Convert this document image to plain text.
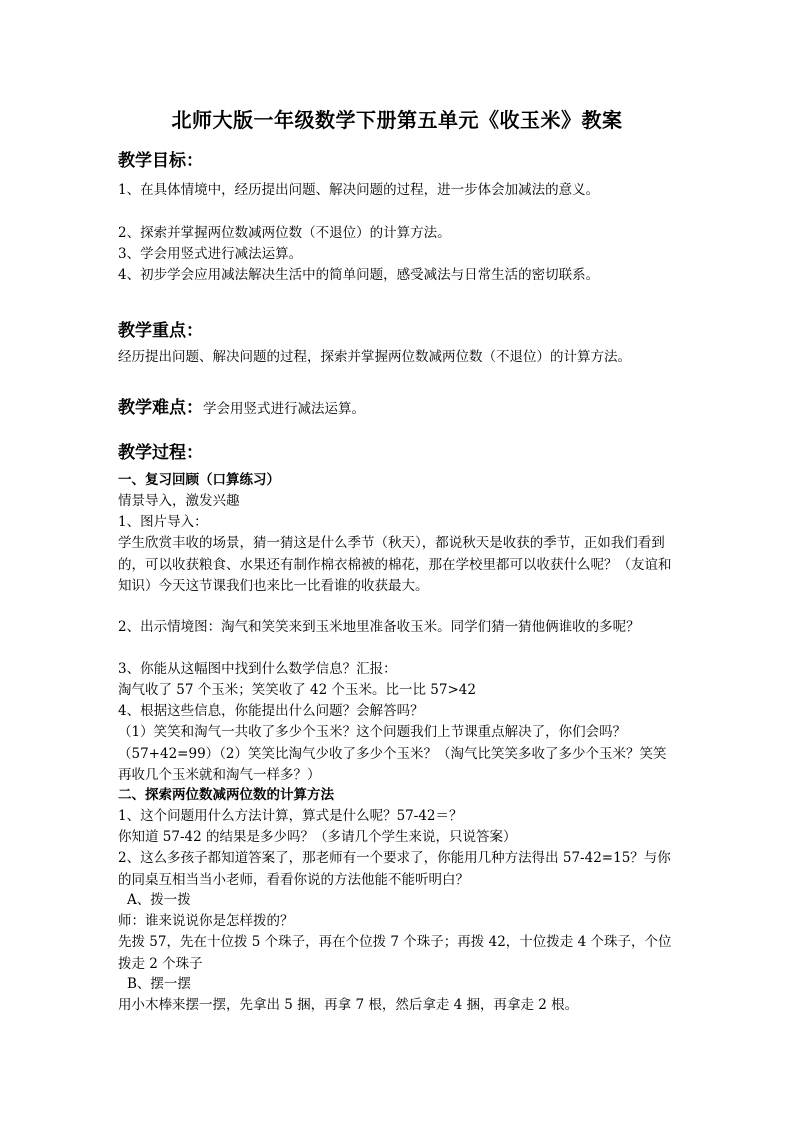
北师大版一年级数学下册第五单元《收玉米》教案
教学目标：
1、在具体情境中，经历提出问题、解决问题的过程，进一步体会加减法的意义。
2、探索并掌握两位数减两位数（不退位）的计算方法。
3、学会用竖式进行减法运算。
4、初步学会应用减法解决生活中的简单问题，感受减法与日常生活的密切联系。
教学重点：
经历提出问题、解决问题的过程，探索并掌握两位数减两位数（不退位）的计算方法。
教学难点：学会用竖式进行减法运算。
教学过程：
一、复习回顾（口算练习）
情景导入，激发兴趣
1、图片导入：
学生欣赏丰收的场景，猜一猜这是什么季节（秋天），都说秋天是收获的季节，正如我们看到的，可以收获粮食、水果还有制作棉衣棉被的棉花，那在学校里都可以收获什么呢？（友谊和知识）今天这节课我们也来比一比看谁的收获最大。
2、出示情境图：淘气和笑笑来到玉米地里准备收玉米。同学们猜一猜他俩谁收的多呢？
3、你能从这幅图中找到什么数学信息？汇报：
淘气收了 57 个玉米；笑笑收了 42 个玉米。比一比 57>42
4、根据这些信息，你能提出什么问题？会解答吗？
（1）笑笑和淘气一共收了多少个玉米？这个问题我们上节课重点解决了，你们会吗？（57+42=99）（2）笑笑比淘气少收了多少个玉米？（淘气比笑笑多收了多少个玉米？笑笑再收几个玉米就和淘气一样多？）
二、探索两位数减两位数的计算方法
1、这个问题用什么方法计算，算式是什么呢？57-42＝？
你知道 57-42 的结果是多少吗？（多请几个学生来说，只说答案）
2、这么多孩子都知道答案了，那老师有一个要求了，你能用几种方法得出 57-42=15？与你的同桌互相当当小老师，看看你说的方法他能不能听明白？
A、拨一拨
师：谁来说说你是怎样拨的？
先拨 57，先在十位拨 5 个珠子，再在个位拨 7 个珠子；再拨 42，十位拨走 4 个珠子，个位拨走 2 个珠子
B、摆一摆
用小木棒来摆一摆，先拿出 5 捆，再拿 7 根，然后拿走 4 捆，再拿走 2 根。
